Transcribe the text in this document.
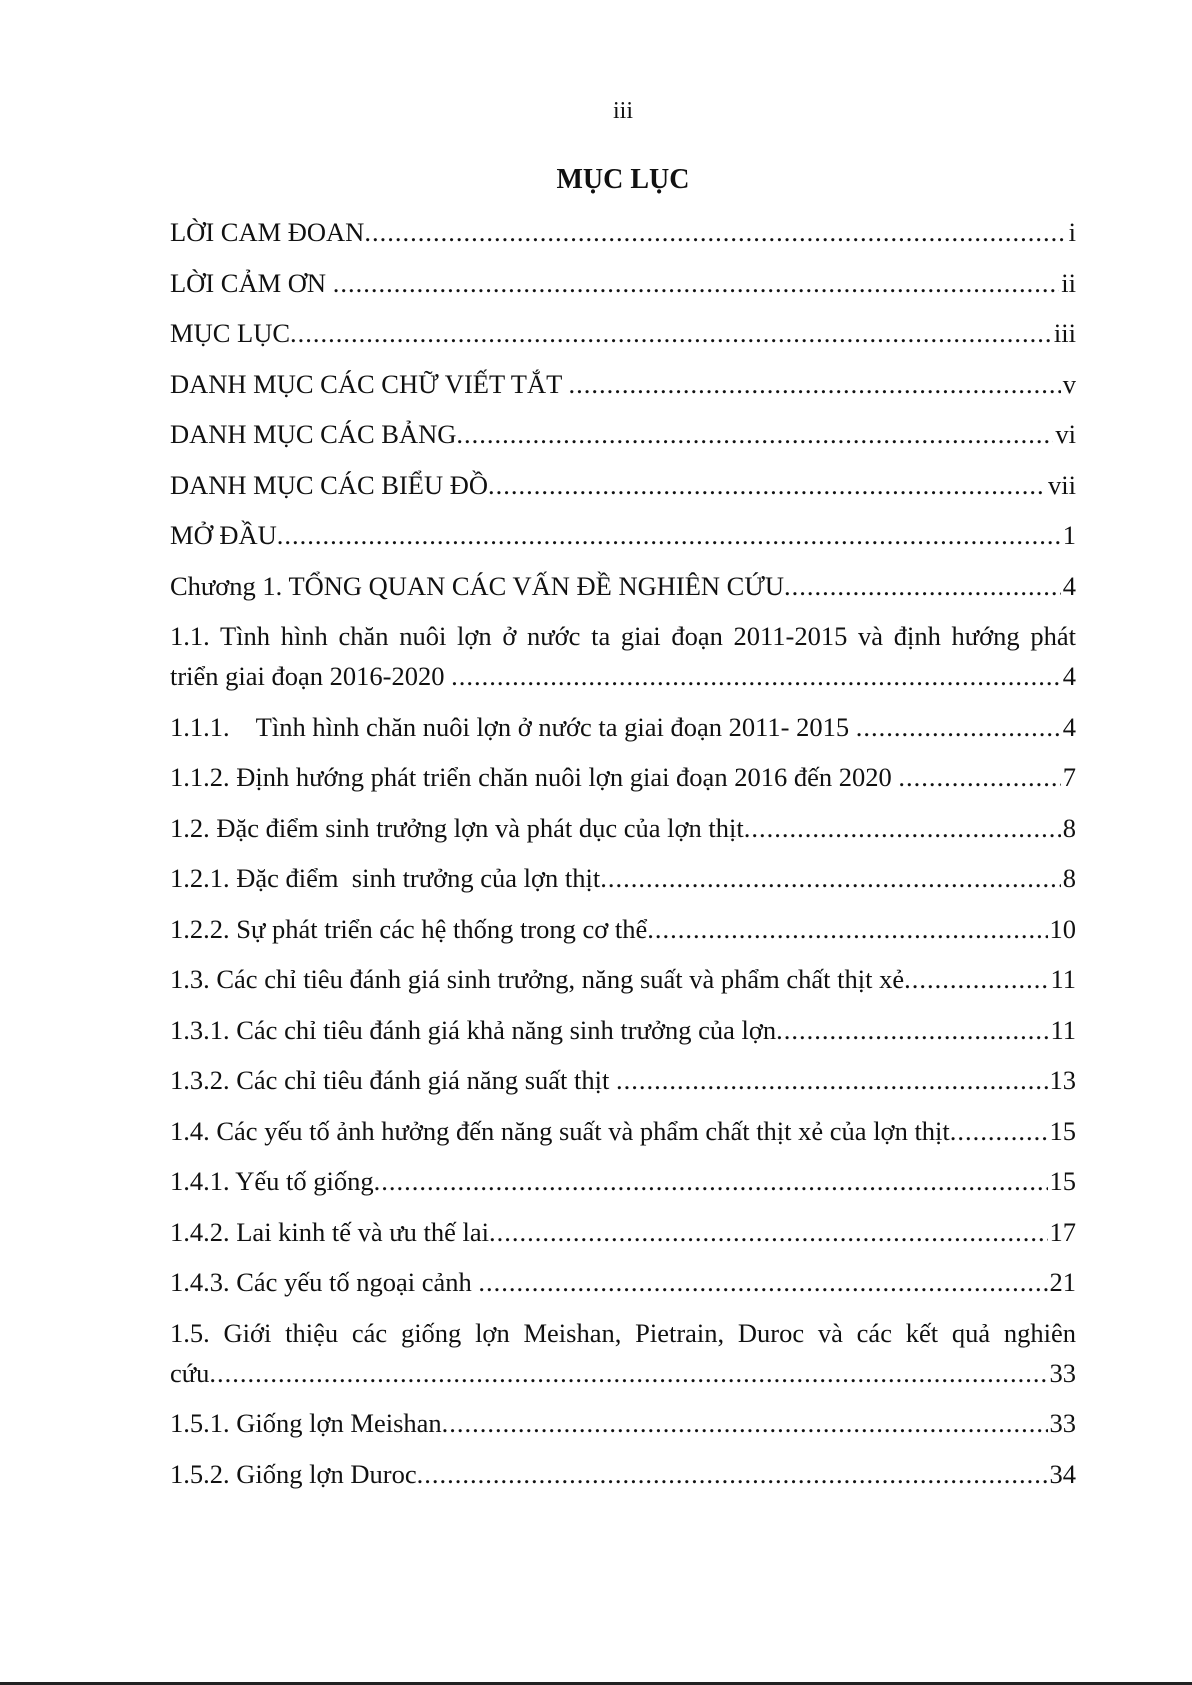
iii
MỤC LỤC
LỜI CAM ĐOAN .....	i
LỜI CẢM ƠN .....	ii
MỤC LỤC .....	iii
DANH MỤC CÁC CHỮ VIẾT TẮT .....	v
DANH MỤC CÁC BẢNG .....	vi
DANH MỤC CÁC BIỂU ĐỒ .....	vii
MỞ ĐẦU .....	1
Chương 1. TỔNG QUAN CÁC VẤN ĐỀ NGHIÊN CỨU .....	4
1.1. Tình hình chăn nuôi lợn ở nước ta giai đoạn 2011-2015 và định hướng phát
triển giai đoạn 2016-2020 .....	4
1.1.1.    Tình hình chăn nuôi lợn ở nước ta giai đoạn 2011- 2015 .....	4
1.1.2. Định hướng phát triển chăn nuôi lợn giai đoạn 2016 đến 2020 .....	7
1.2. Đặc điểm sinh trưởng lợn và phát dục của lợn thịt .....	8
1.2.1. Đặc điểm  sinh trưởng của lợn thịt .....	8
1.2.2. Sự phát triển các hệ thống trong cơ thể .....	10
1.3. Các chỉ tiêu đánh giá sinh trưởng, năng suất và phẩm chất thịt xẻ .....	11
1.3.1. Các chỉ tiêu đánh giá khả năng sinh trưởng của lợn .....	11
1.3.2. Các chỉ tiêu đánh giá năng suất thịt .....	13
1.4. Các yếu tố ảnh hưởng đến năng suất và phẩm chất thịt xẻ của lợn thịt .....	15
1.4.1. Yếu tố giống .....	15
1.4.2. Lai kinh tế và ưu thế lai .....	17
1.4.3. Các yếu tố ngoại cảnh .....	21
1.5. Giới thiệu các giống lợn Meishan, Pietrain, Duroc và các kết quả nghiên
cứu .....	33
1.5.1. Giống lợn Meishan .....	33
1.5.2. Giống lợn Duroc .....	34
